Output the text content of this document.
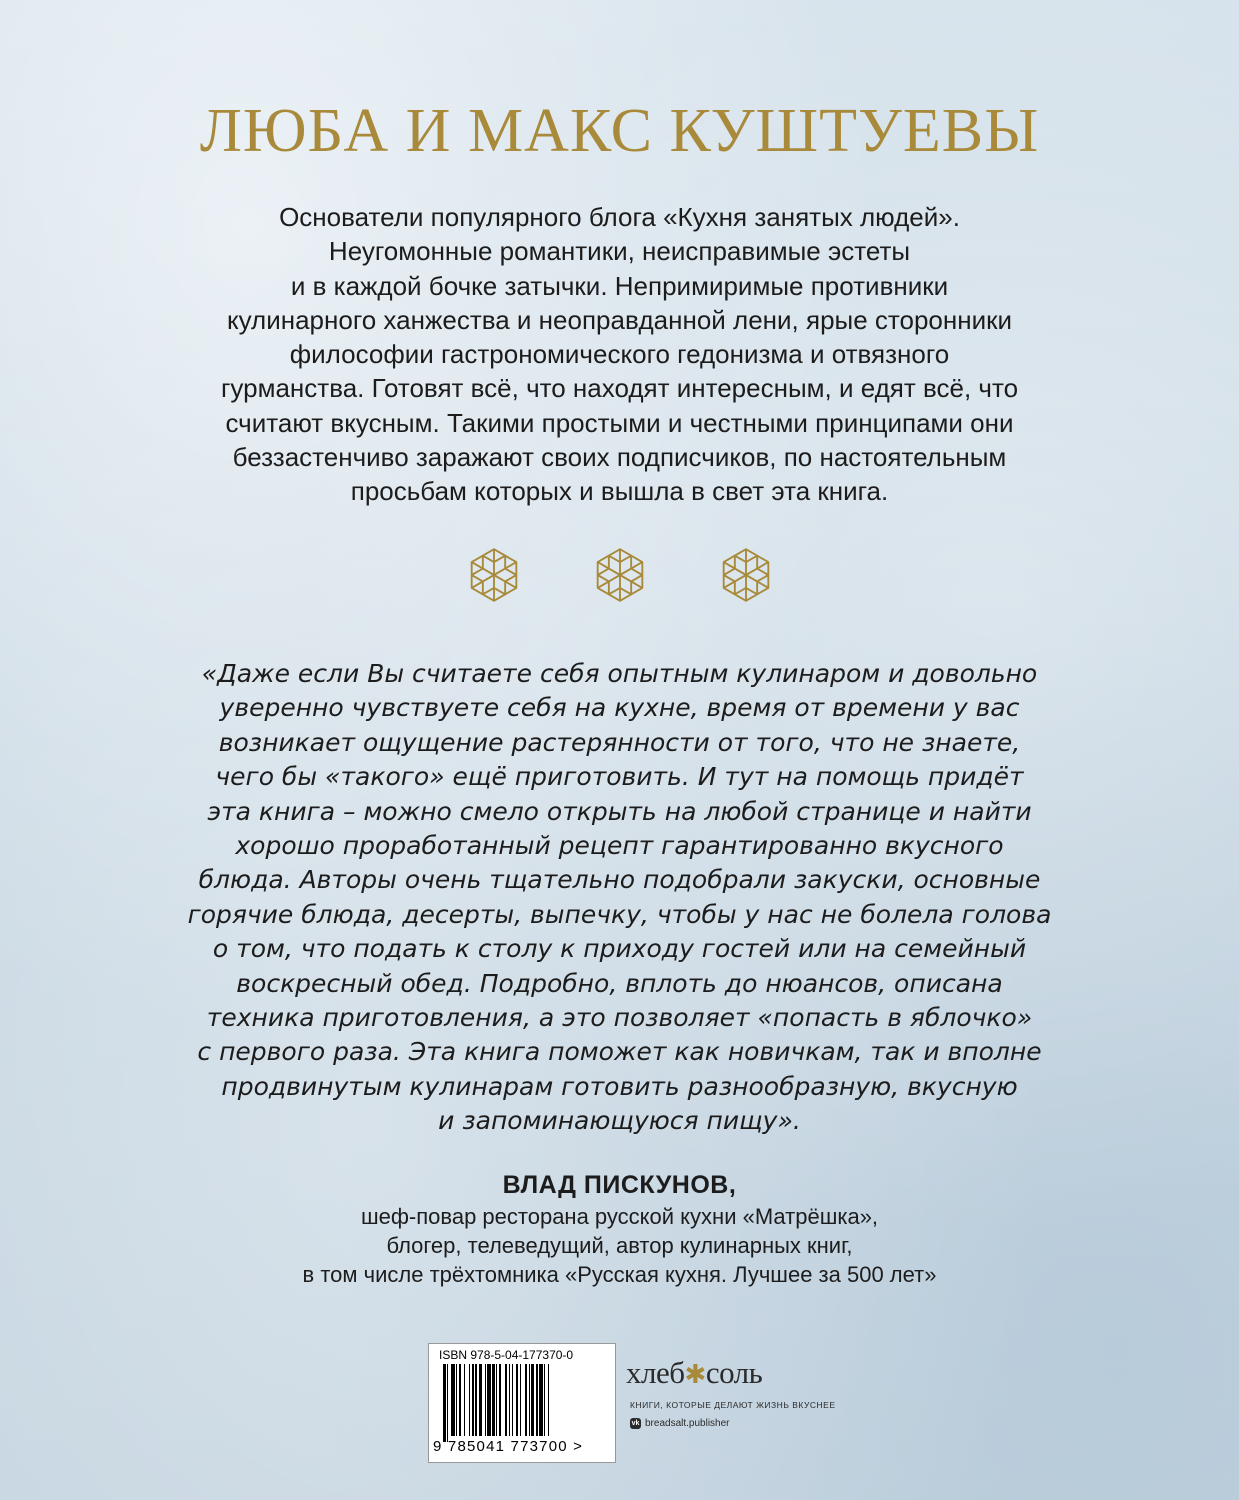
ЛЮБА И МАКС КУШТУЕВЫ
Основатели популярного блога «Кухня занятых людей».
Неугомонные романтики, неисправимые эстеты
и в каждой бочке затычки. Непримиримые противники
кулинарного ханжества и неоправданной лени, ярые сторонники
философии гастрономического гедонизма и отвязного
гурманства. Готовят всё, что находят интересным, и едят всё, что
считают вкусным. Такими простыми и честными принципами они
беззастенчиво заражают своих подписчиков, по настоятельным
просьбам которых и вышла в свет эта книга.
«Даже если Вы считаете себя опытным кулинаром и довольно
уверенно чувствуете себя на кухне, время от времени у вас
возникает ощущение растерянности от того, что не знаете,
чего бы «такого» ещё приготовить. И тут на помощь придёт
эта книга – можно смело открыть на любой странице и найти
хорошо проработанный рецепт гарантированно вкусного
блюда. Авторы очень тщательно подобрали закуски, основные
горячие блюда, десерты, выпечку, чтобы у нас не болела голова
о том, что подать к столу к приходу гостей или на семейный
воскресный обед. Подробно, вплоть до нюансов, описана
техника приготовления, а это позволяет «попасть в яблочко»
с первого раза. Эта книга поможет как новичкам, так и вполне
продвинутым кулинарам готовить разнообразную, вкусную
и запоминающуюся пищу».
ВЛАД ПИСКУНОВ,
шеф-повар ресторана русской кухни «Матрёшка»,
блогер, телеведущий, автор кулинарных книг,
в том числе трёхтомника «Русская кухня. Лучшее за 500 лет»
ISBN 978-5-04-177370-0
9 785041 773700 >
хлеб✱соль
КНИГИ, КОТОРЫЕ ДЕЛАЮТ ЖИЗНЬ ВКУСНЕЕ
vk breadsalt.publisher
